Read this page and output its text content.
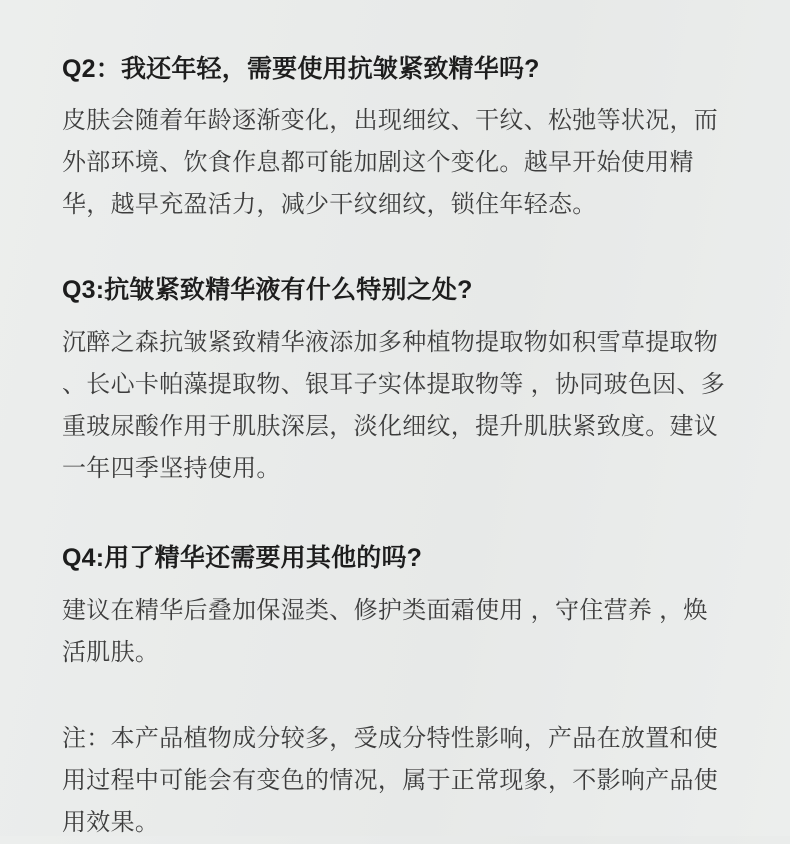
Q2：我还年轻，需要使用抗皱紧致精华吗?

皮肤会随着年龄逐渐变化，出现细纹、干纹、松弛等状况，而外部环境、饮食作息都可能加剧这个变化。越早开始使用精华，越早充盈活力，减少干纹细纹，锁住年轻态。

Q3:抗皱紧致精华液有什么特别之处?

沉醉之森抗皱紧致精华液添加多种植物提取物如积雪草提取物 、长心卡帕藻提取物、银耳子实体提取物等 ，协同玻色因、多重玻尿酸作用于肌肤深层，淡化细纹，提升肌肤紧致度。建议一年四季坚持使用。

Q4:用了精华还需要用其他的吗?

建议在精华后叠加保湿类、修护类面霜使用 ，守住营养 ，焕活肌肤。

注：本产品植物成分较多，受成分特性影响，产品在放置和使用过程中可能会有变色的情况，属于正常现象，不影响产品使用效果。
